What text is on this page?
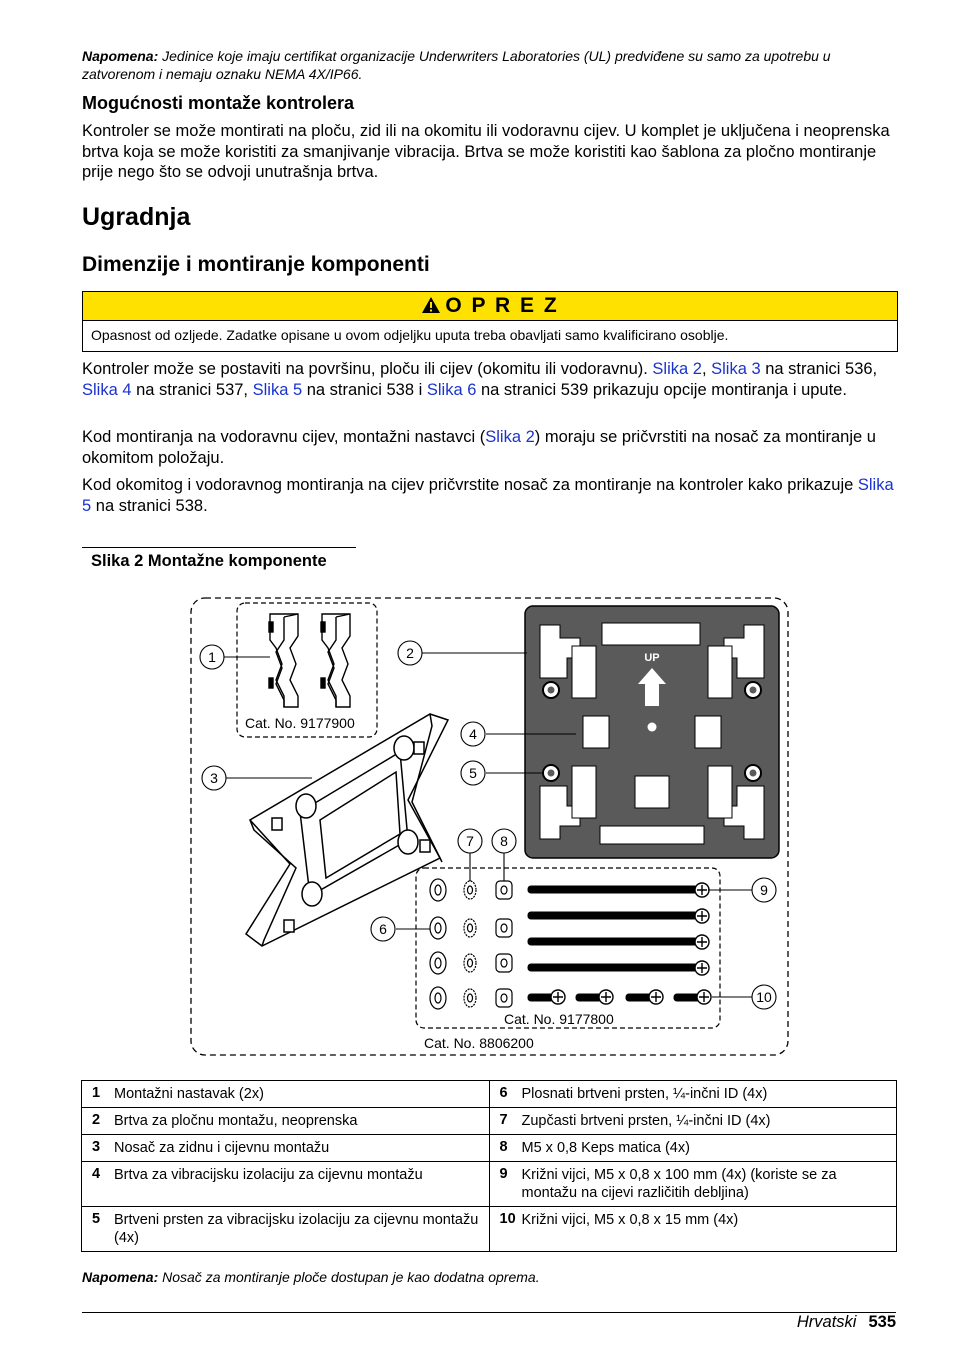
Napomena: Jedinice koje imaju certifikat organizacije Underwriters Laboratories (UL) predviđene su samo za upotrebu u zatvorenom i nemaju oznaku NEMA 4X/IP66.
Mogućnosti montaže kontrolera

Kontroler se može montirati na ploču, zid ili na okomitu ili vodoravnu cijev. U komplet je uključena i neoprenska brtva koja se može koristiti za smanjivanje vibracija. Brtva se može koristiti kao šablona za pločno montiranje prije nego što se odvoji unutrašnja brtva.

Ugradnja
Dimenzije i montiranje komponenti
O P R E Z
Opasnost od ozljede. Zadatke opisane u ovom odjeljku uputa treba obavljati samo kvalificirano osoblje.

Kontroler može se postaviti na površinu, ploču ili cijev (okomitu ili vodoravnu). Slika 2, Slika 3 na stranici 536, Slika 4 na stranici 537, Slika 5 na stranici 538 i Slika 6 na stranici 539 prikazuju opcije montiranja i upute.

Kod montiranja na vodoravnu cijev, montažni nastavci (Slika 2) moraju se pričvrstiti na nosač za montiranje u okomitom položaju.

Kod okomitog i vodoravnog montiranja na cijev pričvrstite nosač za montiranje na kontroler kako prikazuje Slika 5 na stranici 538.

Slika 2 Montažne komponente
Cat. No. 9177900
UP
Cat. No. 9177800
Cat. No. 8806200
1	2
3
4
5
6
7 8
9
10
1 Montažni nastavak (2x)	6 Plosnati brtveni prsten, ¼-inčni ID (4x)

2 Brtva za pločnu montažu, neoprenska	7 Zupčasti brtveni prsten, ¼-inčni ID (4x)

3 Nosač za zidnu i cijevnu montažu	8 M5 x 0,8 Keps matica (4x)

4 Brtva za vibracijsku izolaciju za cijevnu montažu	9 Križni vijci, M5 x 0,8 x 100 mm (4x) (koriste se za montažu na cijevi različitih debljina)

5 Brtveni prsten za vibracijsku izolaciju za cijevnu montažu (4x)	10 Križni vijci, M5 x 0,8 x 15 mm (4x)
Napomena: Nosač za montiranje ploče dostupan je kao dodatna oprema.
Hrvatski 535
